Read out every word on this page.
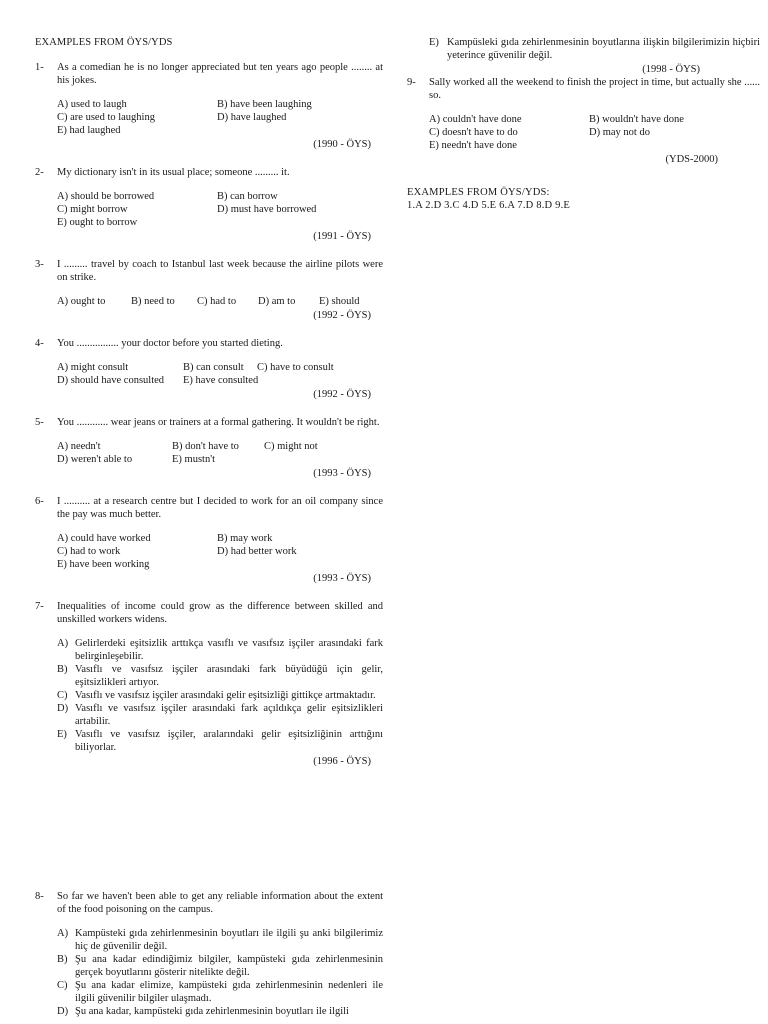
EXAMPLES FROM ÖYS/YDS
1-	As a comedian he is no longer appreciated but ten years ago people ........ at his jokes.
A) used to laugh	B) have been laughing
C) are used to laughing	D) have laughed
E) had laughed
(1990 - ÖYS)
2-	My dictionary isn't in its usual place; someone ......... it.
A) should be borrowed	B) can borrow
C) might borrow	D) must have borrowed
E) ought to borrow
(1991 - ÖYS)
3-	I ......... travel by coach to Istanbul last week because the airline pilots were on strike.
A) ought to	B) need to	C) had to	D) am to	E) should
(1992 - ÖYS)
4-	You ................ your doctor before you started dieting.
A) might consult	B) can consult	C) have to consult
D) should have consulted	E) have consulted
(1992 - ÖYS)
5-	You ............ wear jeans or trainers at a formal gathering. It wouldn't be right.
A) needn't	B) don't have to	C) might not
D) weren't able to	E) mustn't
(1993 - ÖYS)
6-	I .......... at a research centre but I decided to work for an oil company since the pay was much better.
A) could have worked	B) may work
C) had to work	D) had better work
E) have been working
(1993 - ÖYS)
7-	Inequalities of income could grow as the difference between skilled and unskilled workers widens.
A) Gelirlerdeki eşitsizlik arttıkça vasıflı ve vasıfsız işçiler arasındaki fark belirginleşebilir.
B) Vasıflı ve vasıfsız işçiler arasındaki fark büyüdüğü için gelir, eşitsizlikleri artıyor.
C) Vasıflı ve vasıfsız işçiler arasındaki gelir eşitsizliği gittikçe artmaktadır.
D) Vasıflı ve vasıfsız işçiler arasındaki fark açıldıkça gelir eşitsizlikleri artabilir.
E) Vasıflı ve vasıfsız işçiler, aralarındaki gelir eşitsizliğinin arttığını biliyorlar.
(1996 - ÖYS)
8-	So far we haven't been able to get any reliable information about the extent of the food poisoning on the campus.
A) Kampüsteki gıda zehirlenmesinin boyutları ile ilgili şu anki bilgilerimiz hiç de güvenilir değil.
B) Şu ana kadar edindiğimiz bilgiler, kampüsteki gıda zehirlenmesinin gerçek boyutlarını gösterir nitelikte değil.
C) Şu ana kadar elimize, kampüsteki gıda zehirlenmesinin nedenleri ile ilgili güvenilir bilgiler ulaşmadı.
D) Şu ana kadar, kampüsteki gıda zehirlenmesinin boyutları ile ilgili
E) Kampüsleki gıda zehirlenmesinin boyutlarına ilişkin bilgilerimizin hiçbiri yeterince güvenilir değil.
(1998 - ÖYS)
9-	Sally worked all the weekend to finish the project in time, but actually she ...... so.
A) couldn't have done	B) wouldn't have done
C) doesn't have to do	D) may not do
E) needn't have done
(YDS-2000)
EXAMPLES FROM ÖYS/YDS:
1.A 2.D 3.C 4.D 5.E 6.A 7.D 8.D 9.E
